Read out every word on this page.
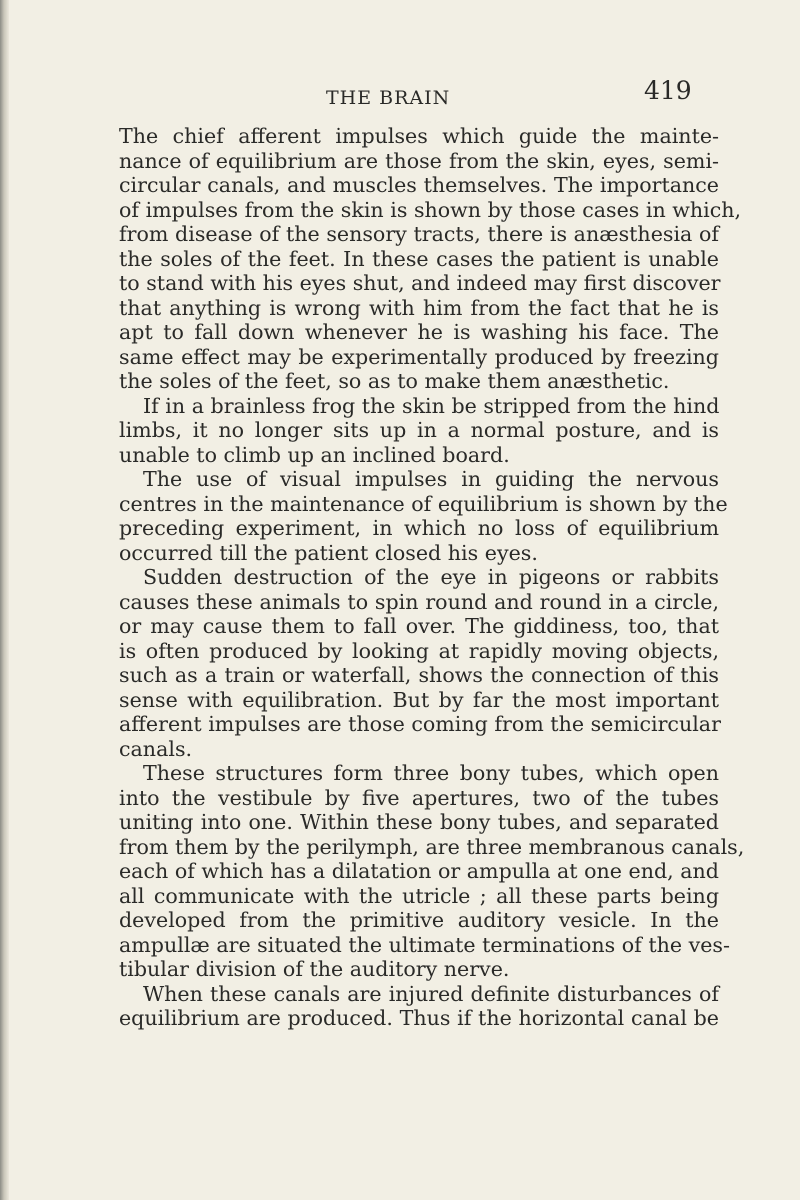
THE BRAIN	419
The chief afferent impulses which guide the mainte-
nance of equilibrium are those from the skin, eyes, semi-
circular canals, and muscles themselves. The importance
of impulses from the skin is shown by those cases in which,
from disease of the sensory tracts, there is anæsthesia of
the soles of the feet. In these cases the patient is unable
to stand with his eyes shut, and indeed may first discover
that anything is wrong with him from the fact that he is
apt to fall down whenever he is washing his face. The
same effect may be experimentally produced by freezing
the soles of the feet, so as to make them anæsthetic.
If in a brainless frog the skin be stripped from the hind
limbs, it no longer sits up in a normal posture, and is
unable to climb up an inclined board.
The use of visual impulses in guiding the nervous
centres in the maintenance of equilibrium is shown by the
preceding experiment, in which no loss of equilibrium
occurred till the patient closed his eyes.
Sudden destruction of the eye in pigeons or rabbits
causes these animals to spin round and round in a circle,
or may cause them to fall over. The giddiness, too, that
is often produced by looking at rapidly moving objects,
such as a train or waterfall, shows the connection of this
sense with equilibration. But by far the most important
afferent impulses are those coming from the semicircular
canals.
These structures form three bony tubes, which open
into the vestibule by five apertures, two of the tubes
uniting into one. Within these bony tubes, and separated
from them by the perilymph, are three membranous canals,
each of which has a dilatation or ampulla at one end, and
all communicate with the utricle ; all these parts being
developed from the primitive auditory vesicle. In the
ampullæ are situated the ultimate terminations of the ves-
tibular division of the auditory nerve.
When these canals are injured definite disturbances of
equilibrium are produced. Thus if the horizontal canal be
